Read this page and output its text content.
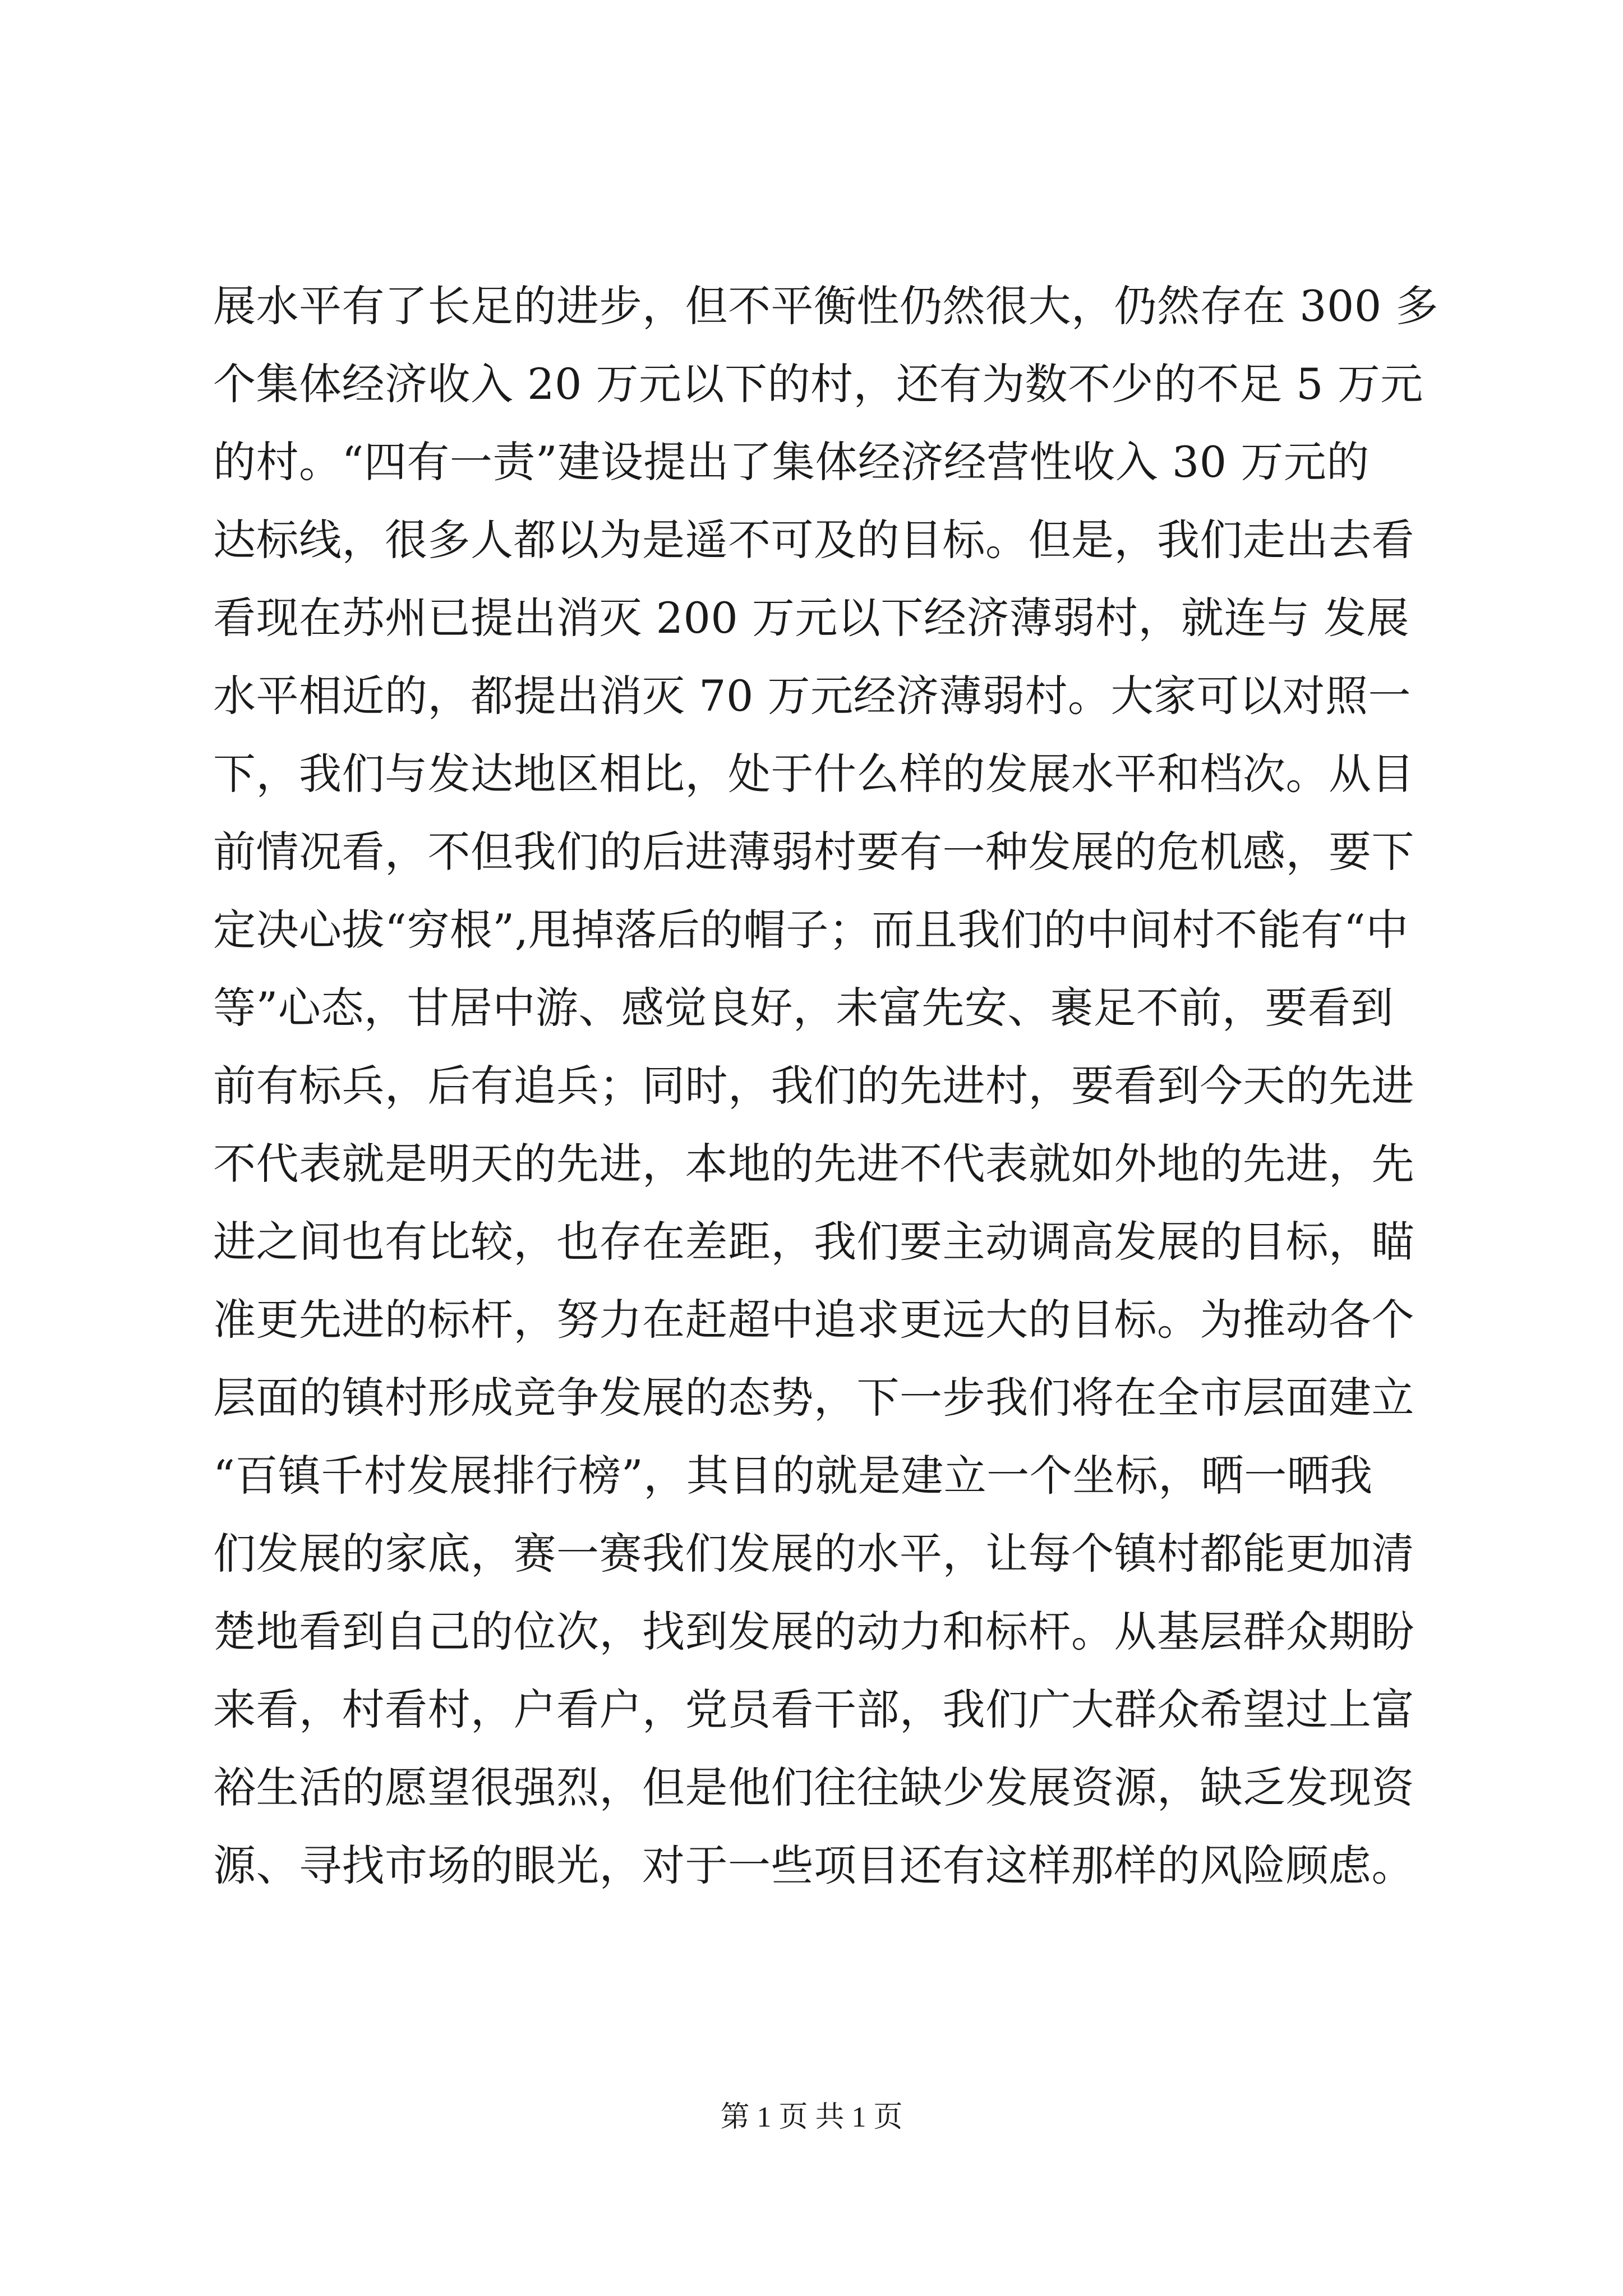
展水平有了长足的进步，但不平衡性仍然很大，仍然存在 300 多
个集体经济收入 20 万元以下的村，还有为数不少的不足 5 万元
的村。“四有一责”建设提出了集体经济经营性收入 30 万元的
达标线，很多人都以为是遥不可及的目标。但是，我们走出去看
看现在苏州已提出消灭 200 万元以下经济薄弱村，就连与 发展
水平相近的，都提出消灭 70 万元经济薄弱村。大家可以对照一
下，我们与发达地区相比，处于什么样的发展水平和档次。从目
前情况看，不但我们的后进薄弱村要有一种发展的危机感，要下
定决心拔“穷根”,甩掉落后的帽子；而且我们的中间村不能有“中
等”心态，甘居中游、感觉良好，未富先安、裹足不前，要看到
前有标兵，后有追兵；同时，我们的先进村，要看到今天的先进
不代表就是明天的先进，本地的先进不代表就如外地的先进，先
进之间也有比较，也存在差距，我们要主动调高发展的目标，瞄
准更先进的标杆，努力在赶超中追求更远大的目标。为推动各个
层面的镇村形成竞争发展的态势，下一步我们将在全市层面建立
“百镇千村发展排行榜”，其目的就是建立一个坐标，晒一晒我
们发展的家底，赛一赛我们发展的水平，让每个镇村都能更加清
楚地看到自己的位次，找到发展的动力和标杆。从基层群众期盼
来看，村看村，户看户，党员看干部，我们广大群众希望过上富
裕生活的愿望很强烈，但是他们往往缺少发展资源，缺乏发现资
源、寻找市场的眼光，对于一些项目还有这样那样的风险顾虑。
第 1 页 共 1 页
